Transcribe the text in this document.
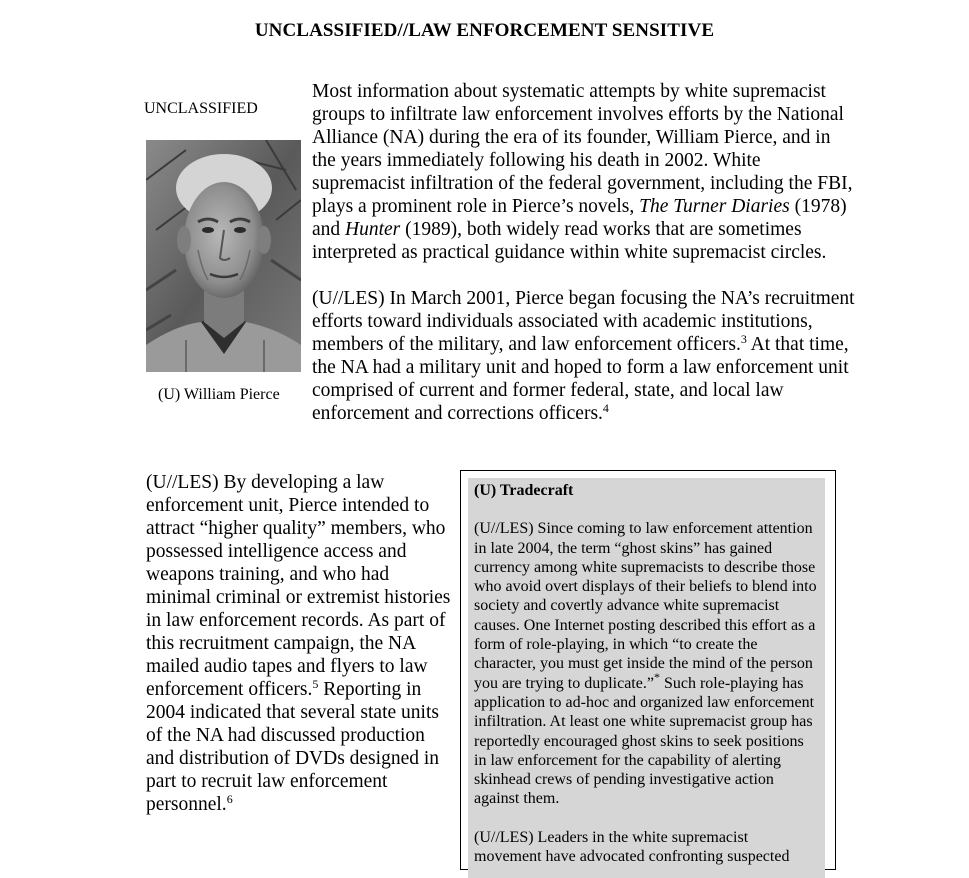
UNCLASSIFIED//LAW ENFORCEMENT SENSITIVE
UNCLASSIFIED
(U) William Pierce

Most information about systematic attempts by white supremacist groups to infiltrate law enforcement involves efforts by the National Alliance (NA) during the era of its founder, William Pierce, and in the years immediately following his death in 2002. White supremacist infiltration of the federal government, including the FBI, plays a prominent role in Pierce’s novels, The Turner Diaries (1978) and Hunter (1989), both widely read works that are sometimes interpreted as practical guidance within white supremacist circles.

(U//LES) In March 2001, Pierce began focusing the NA’s recruitment efforts toward individuals associated with academic institutions, members of the military, and law enforcement officers.$^3$ At that time, the NA had a military unit and hoped to form a law enforcement unit comprised of current and former federal, state, and local law enforcement and corrections officers.$^4$

(U//LES) By developing a law enforcement unit, Pierce intended to attract “higher quality” members, who possessed intelligence access and weapons training, and who had minimal criminal or extremist histories in law enforcement records. As part of this recruitment campaign, the NA mailed audio tapes and flyers to law enforcement officers.$^5$ Reporting in 2004 indicated that several state units of the NA had discussed production and distribution of DVDs designed in part to recruit law enforcement personnel.$^6$

(U) Tradecraft

(U//LES) Since coming to law enforcement attention in late 2004, the term “ghost skins” has gained currency among white supremacists to describe those who avoid overt displays of their beliefs to blend into society and covertly advance white supremacist causes. One Internet posting described this effort as a form of role-playing, in which “to create the character, you must get inside the mind of the person you are trying to duplicate.”* Such role-playing has application to ad-hoc and organized law enforcement infiltration. At least one white supremacist group has reportedly encouraged ghost skins to seek positions in law enforcement for the capability of alerting skinhead crews of pending investigative action against them.

(U//LES) Leaders in the white supremacist movement have advocated confronting suspected
